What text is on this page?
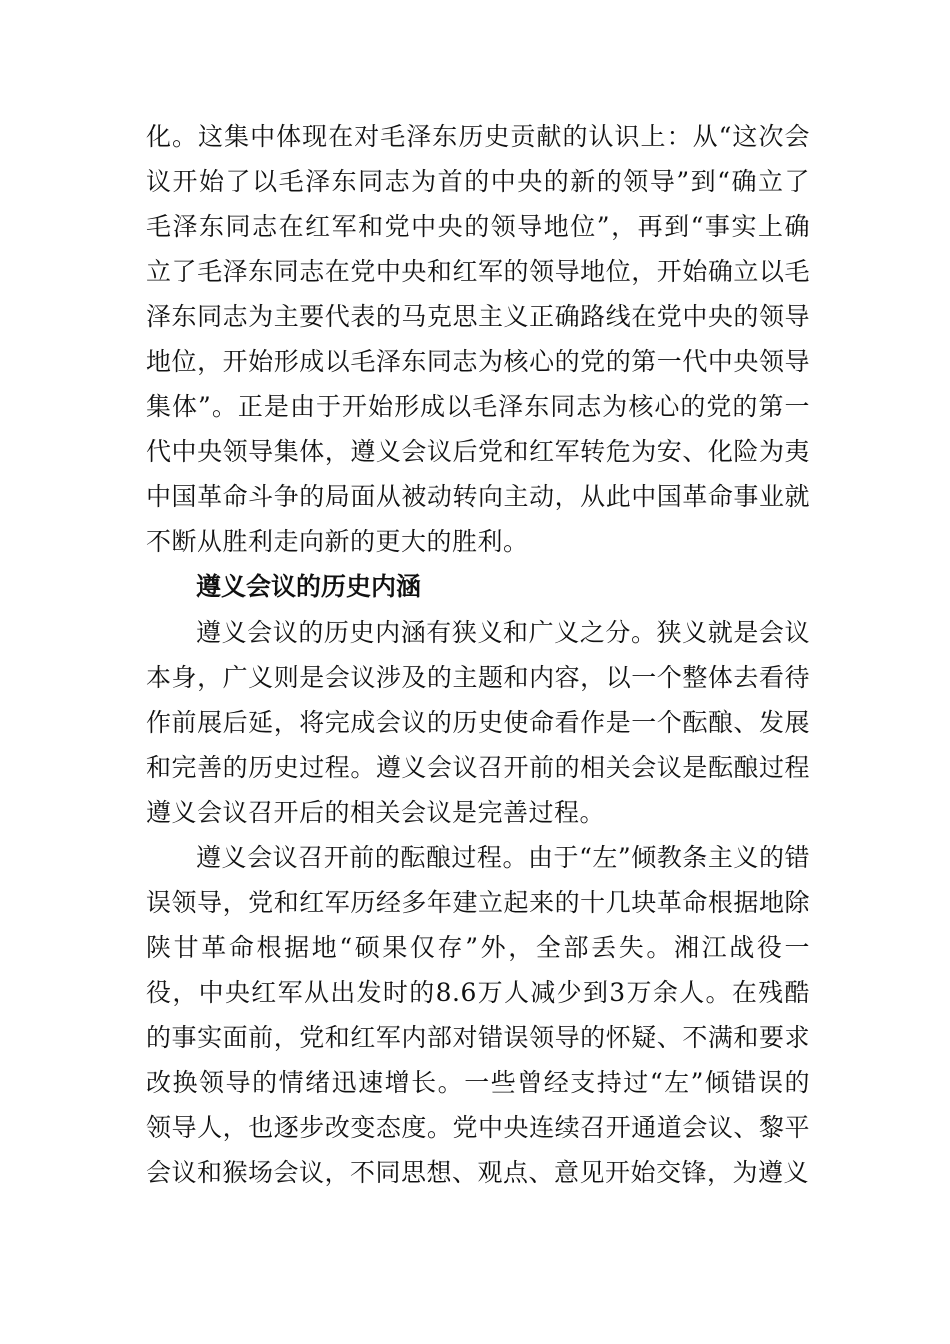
化。这集中体现在对毛泽东历史贡献的认识上：从“这次会议开始了以毛泽东同志为首的中央的新的领导”到“确立了毛泽东同志在红军和党中央的领导地位”，再到“事实上确立了毛泽东同志在党中央和红军的领导地位，开始确立以毛泽东同志为主要代表的马克思主义正确路线在党中央的领导地位，开始形成以毛泽东同志为核心的党的第一代中央领导集体”。正是由于开始形成以毛泽东同志为核心的党的第一代中央领导集体，遵义会议后党和红军转危为安、化险为夷中国革命斗争的局面从被动转向主动，从此中国革命事业就不断从胜利走向新的更大的胜利。

遵义会议的历史内涵

遵义会议的历史内涵有狭义和广义之分。狭义就是会议本身，广义则是会议涉及的主题和内容，以一个整体去看待作前展后延，将完成会议的历史使命看作是一个酝酿、发展和完善的历史过程。遵义会议召开前的相关会议是酝酿过程遵义会议召开后的相关会议是完善过程。

遵义会议召开前的酝酿过程。由于“左”倾教条主义的错误领导，党和红军历经多年建立起来的十几块革命根据地除陕甘革命根据地“硕果仅存”外，全部丢失。湘江战役一役，中央红军从出发时的8.6万人减少到3万余人。在残酷的事实面前，党和红军内部对错误领导的怀疑、不满和要求改换领导的情绪迅速增长。一些曾经支持过“左”倾错误的领导人，也逐步改变态度。党中央连续召开通道会议、黎平会议和猴场会议，不同思想、观点、意见开始交锋，为遵义
